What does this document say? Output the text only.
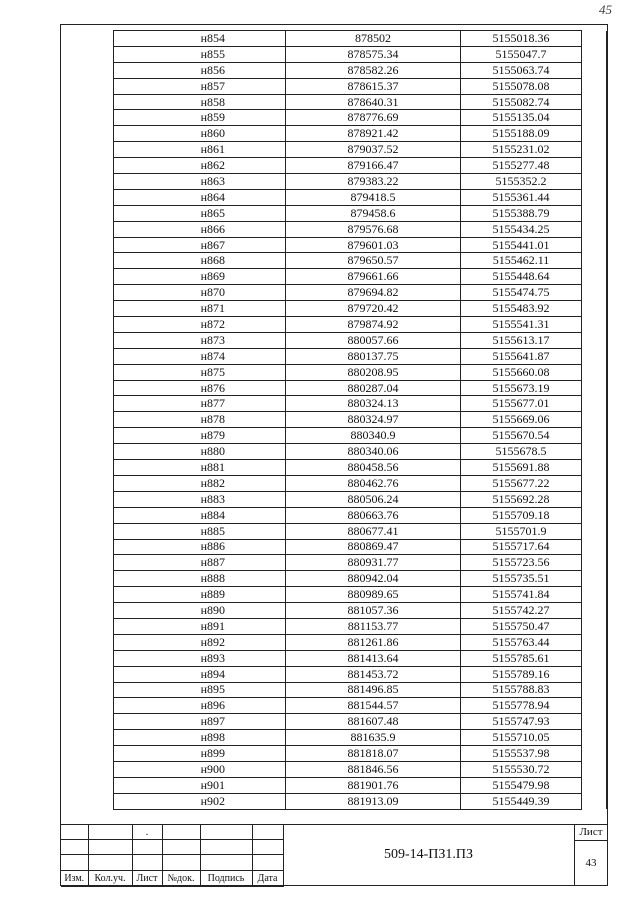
45
н854	878502	5155018.36	
н855	878575.34	5155047.7	
н856	878582.26	5155063.74	
н857	878615.37	5155078.08	
н858	878640.31	5155082.74	
н859	878776.69	5155135.04	
н860	878921.42	5155188.09	
н861	879037.52	5155231.02	
н862	879166.47	5155277.48	
н863	879383.22	5155352.2	
н864	879418.5	5155361.44	
н865	879458.6	5155388.79	
н866	879576.68	5155434.25	
н867	879601.03	5155441.01	
н868	879650.57	5155462.11	
н869	879661.66	5155448.64	
н870	879694.82	5155474.75	
н871	879720.42	5155483.92	
н872	879874.92	5155541.31	
н873	880057.66	5155613.17	
н874	880137.75	5155641.87	
н875	880208.95	5155660.08	
н876	880287.04	5155673.19	
н877	880324.13	5155677.01	
н878	880324.97	5155669.06	
н879	880340.9	5155670.54	
н880	880340.06	5155678.5	
н881	880458.56	5155691.88	
н882	880462.76	5155677.22	
н883	880506.24	5155692.28	
н884	880663.76	5155709.18	
н885	880677.41	5155701.9	
н886	880869.47	5155717.64	
н887	880931.77	5155723.56	
н888	880942.04	5155735.51	
н889	880989.65	5155741.84	
н890	881057.36	5155742.27	
н891	881153.77	5155750.47	
н892	881261.86	5155763.44	
н893	881413.64	5155785.61	
н894	881453.72	5155789.16	
н895	881496.85	5155788.83	
н896	881544.57	5155778.94	
н897	881607.48	5155747.93	
н898	881635.9	5155710.05	
н899	881818.07	5155537.98	
н900	881846.56	5155530.72	
н901	881901.76	5155479.98	
н902	881913.09	5155449.39	
		.			

Изм.	Кол.уч.	Лист	№док.	Подпись	Дата
509-14-ПЗ1.ПЗ
Лист
43
